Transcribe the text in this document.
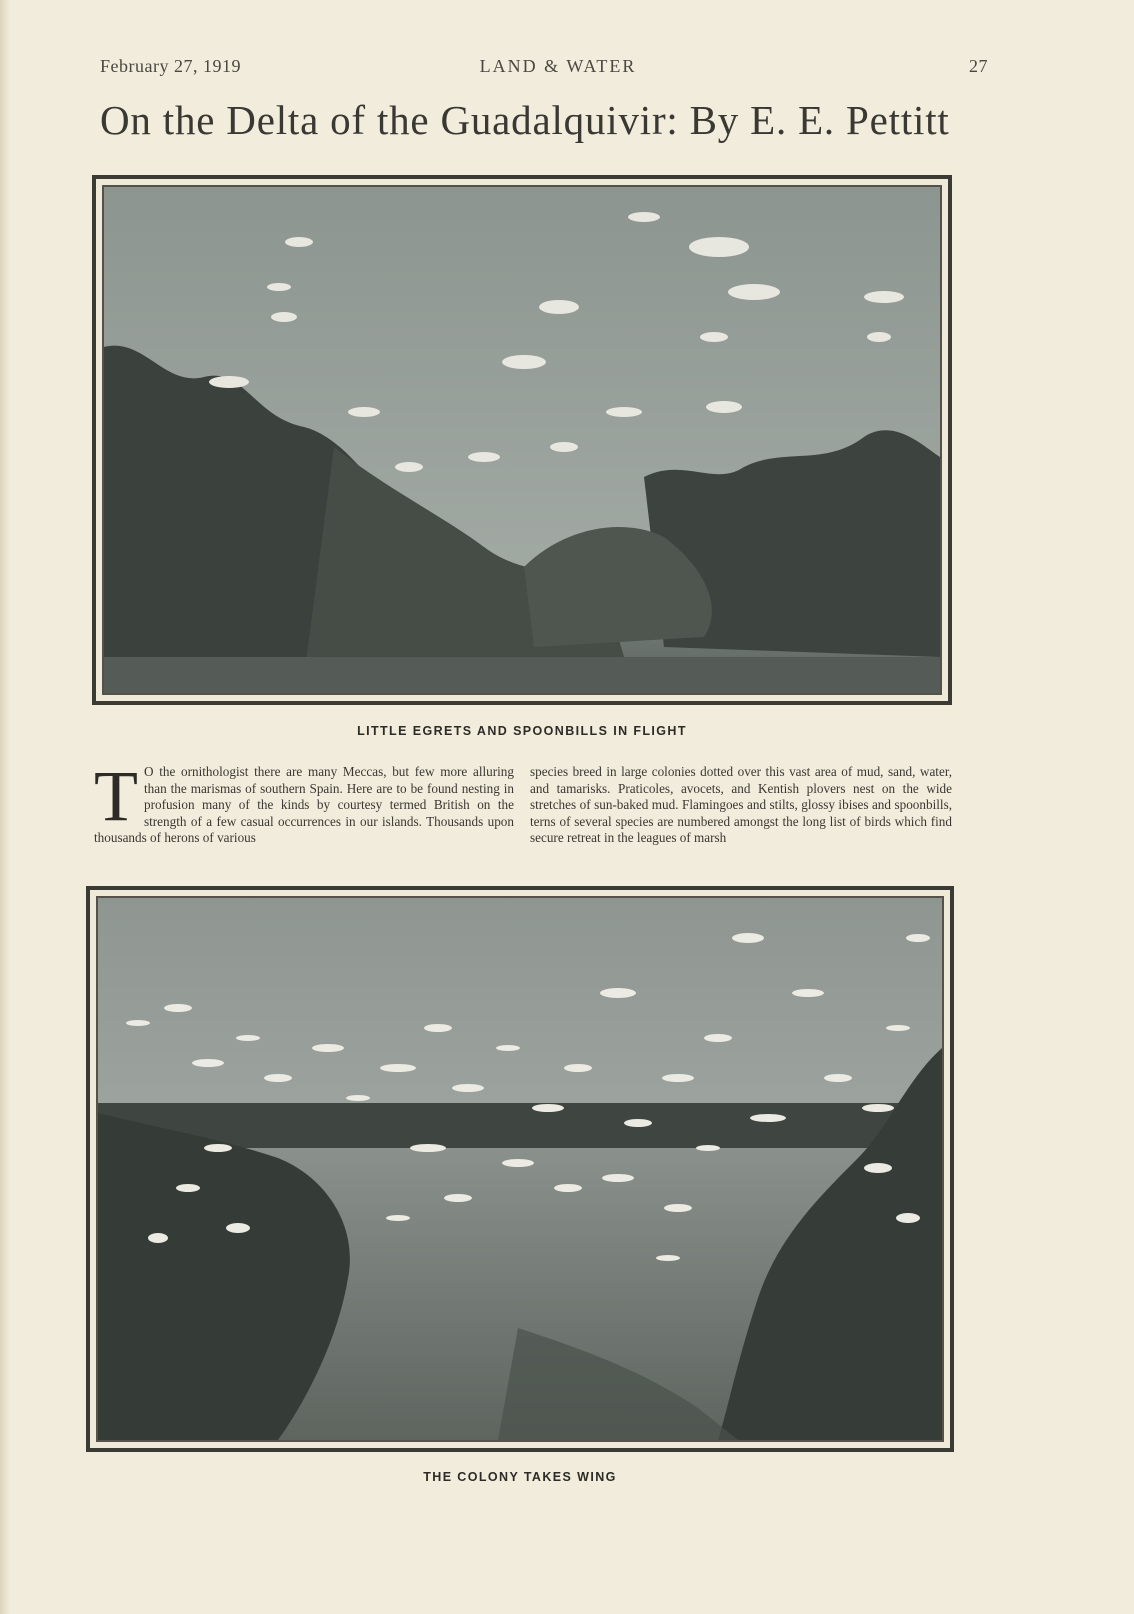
February 27, 1919	LAND & WATER	27
On the Delta of the Guadalquivir: By E. E. Pettitt
LITTLE EGRETS AND SPOONBILLS IN FLIGHT
T O the ornithologist there are many Meccas, but few more alluring than the marismas of southern Spain. Here are to be found nesting in profusion many of the kinds by courtesy termed British on the strength of a few casual occurrences in our islands. Thousands upon thousands of herons of various
species breed in large colonies dotted over this vast area of mud, sand, water, and tamarisks. Praticoles, avocets, and Kentish plovers nest on the wide stretches of sun-baked mud. Flamingoes and stilts, glossy ibises and spoonbills, terns of several species are numbered amongst the long list of birds which find secure retreat in the leagues of marsh
THE COLONY TAKES WING
